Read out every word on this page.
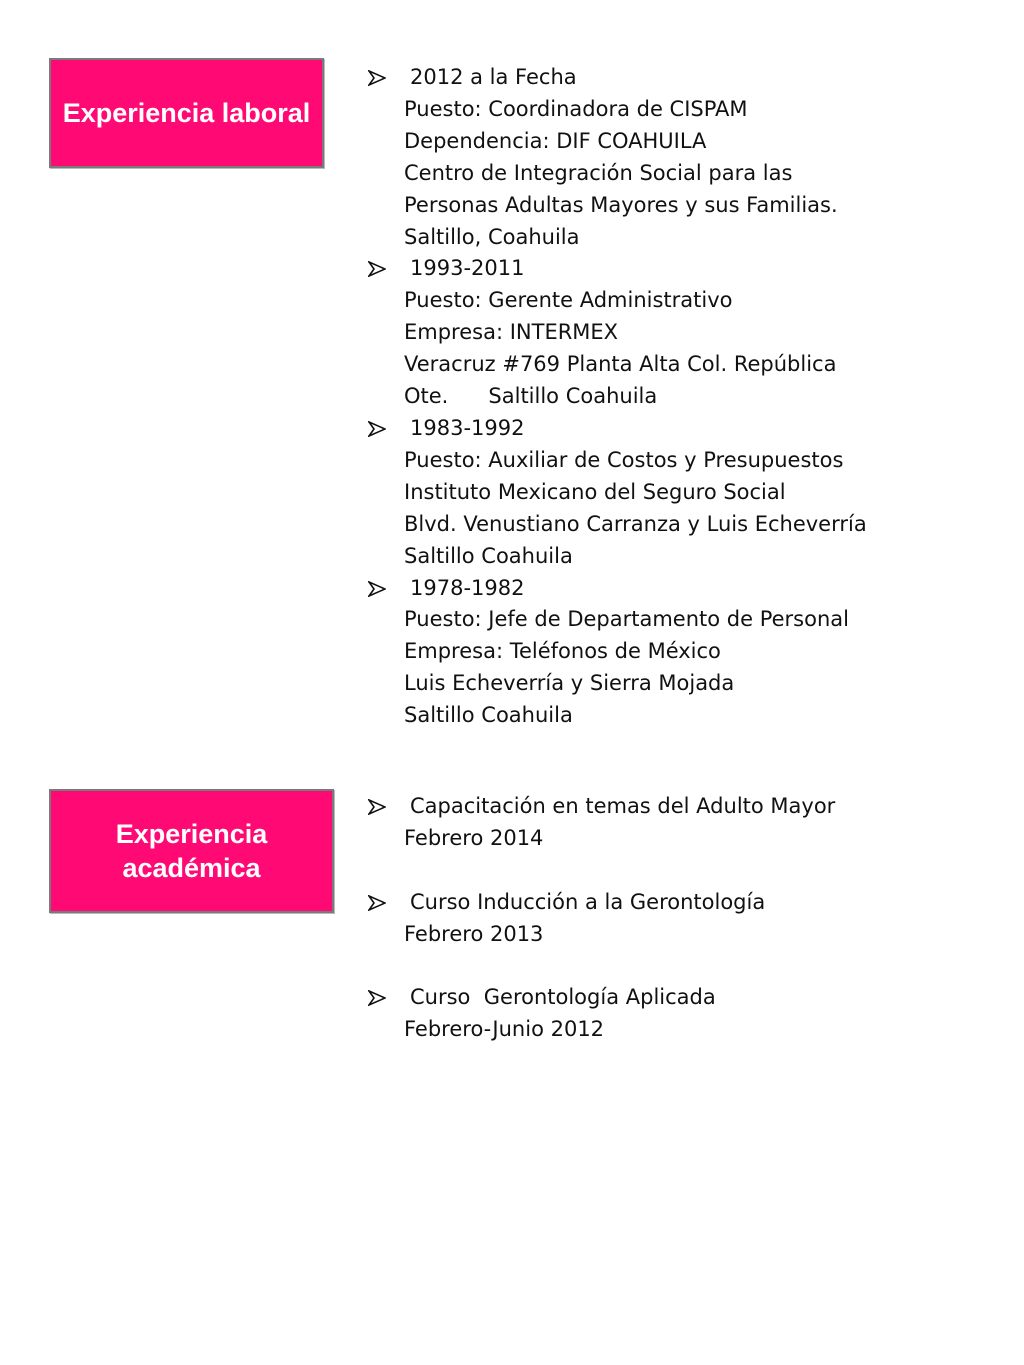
Experiencia laboral
2012 a la Fecha
Puesto: Coordinadora de CISPAM
Dependencia: DIF COAHUILA
Centro de Integración Social para las
Personas Adultas Mayores y sus Familias.
Saltillo, Coahuila
1993-2011
Puesto: Gerente Administrativo
Empresa: INTERMEX
Veracruz #769 Planta Alta Col. República
Ote.      Saltillo Coahuila
1983-1992
Puesto: Auxiliar de Costos y Presupuestos
Instituto Mexicano del Seguro Social
Blvd. Venustiano Carranza y Luis Echeverría
Saltillo Coahuila
1978-1982
Puesto: Jefe de Departamento de Personal
Empresa: Teléfonos de México
Luis Echeverría y Sierra Mojada
Saltillo Coahuila
Experiencia académica
Capacitación en temas del Adulto Mayor
Febrero 2014
Curso Inducción a la Gerontología
Febrero 2013
Curso  Gerontología Aplicada
Febrero-Junio 2012
